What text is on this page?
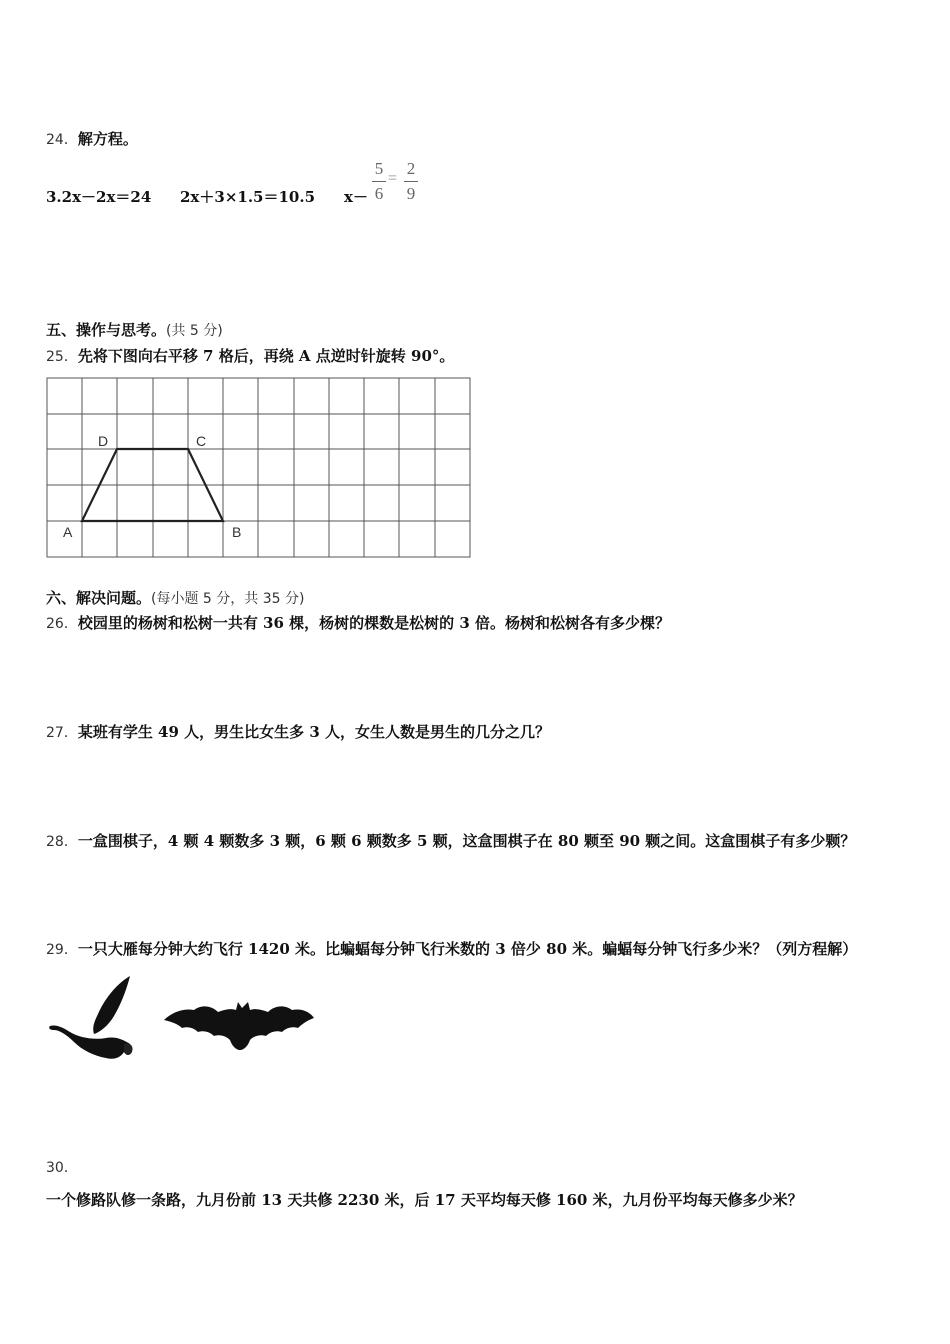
24．解方程。
3.2x－2x＝24 2x＋3×1.5＝10.5 x－
5
6
=
2
9
五、操作与思考。(共 5 分)
25．先将下图向右平移 7 格后，再绕 A 点逆时针旋转 90°。
D	C
A	B
六、解决问题。(每小题 5 分，共 35 分)
26．校园里的杨树和松树一共有 36 棵，杨树的棵数是松树的 3 倍。杨树和松树各有多少棵？
27．某班有学生 49 人，男生比女生多 3 人，女生人数是男生的几分之几？
28．一盒围棋子，4 颗 4 颗数多 3 颗，6 颗 6 颗数多 5 颗，这盒围棋子在 80 颗至 90 颗之间。这盒围棋子有多少颗？
29．一只大雁每分钟大约飞行 1420 米。比蝙蝠每分钟飞行米数的 3 倍少 80 米。蝙蝠每分钟飞行多少米？（列方程解）
30．
一个修路队修一条路，九月份前 13 天共修 2230 米，后 17 天平均每天修 160 米，九月份平均每天修多少米？
